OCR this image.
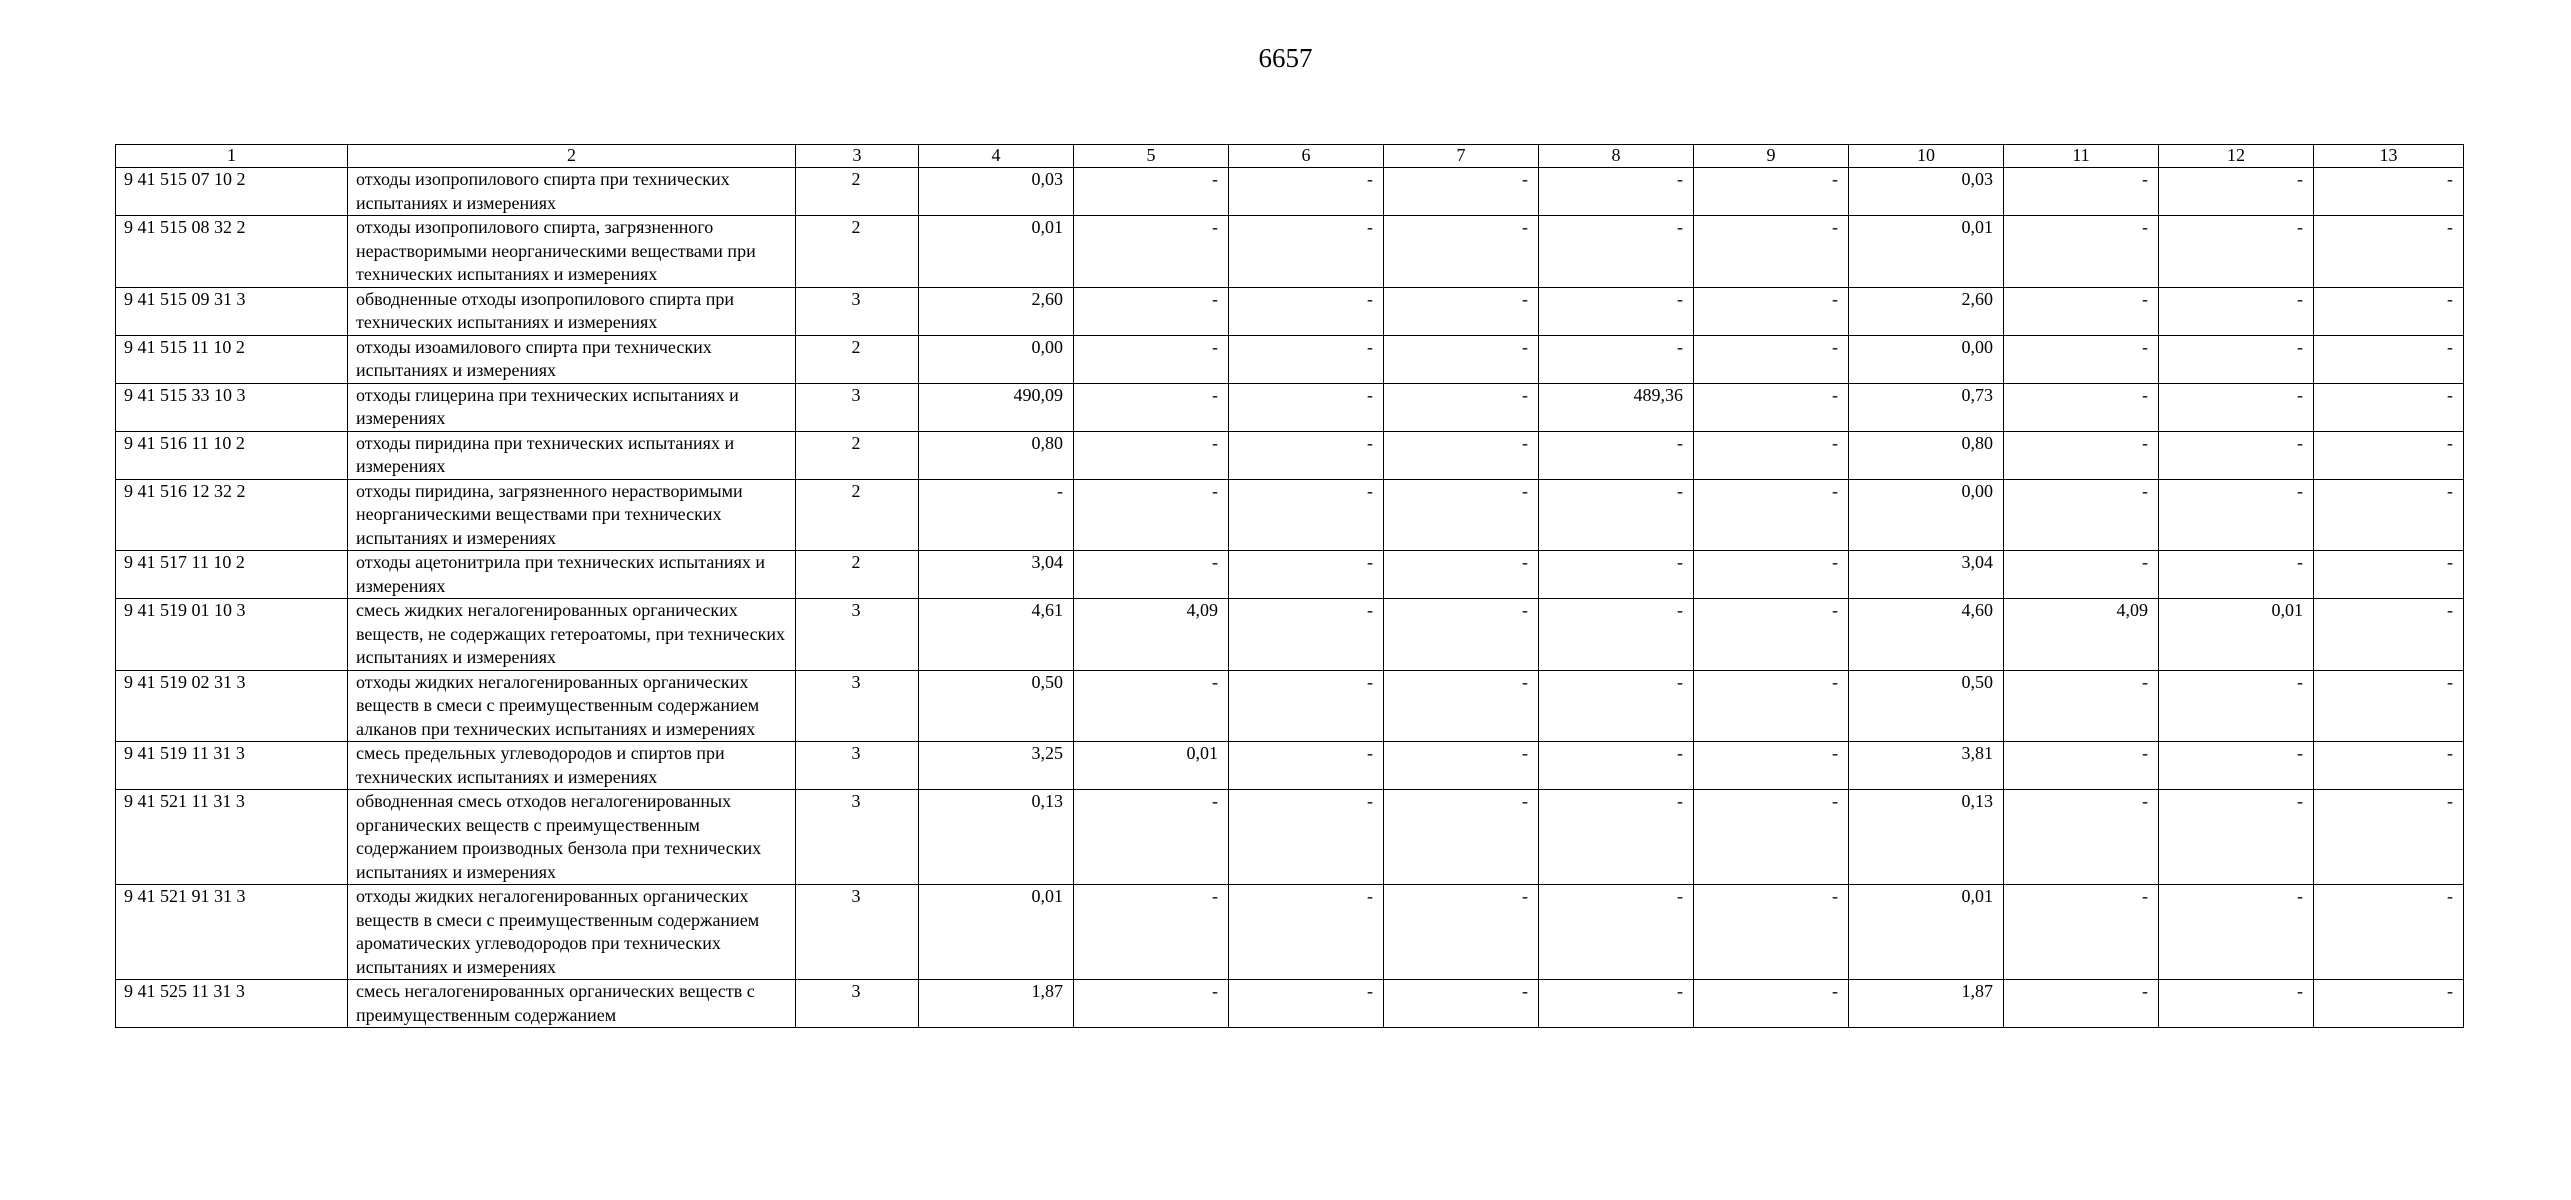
6657
1	2	3	4	5	6	7	8	9	10	11	12	13
9 41 515 07 10 2	отходы изопропилового спирта при технических испытаниях и измерениях	2	0,03	-	-	-	-	-	0,03	-	-	-
9 41 515 08 32 2	отходы изопропилового спирта, загрязненного нерастворимыми неорганическими веществами при технических испытаниях и измерениях	2	0,01	-	-	-	-	-	0,01	-	-	-
9 41 515 09 31 3	обводненные отходы изопропилового спирта при технических испытаниях и измерениях	3	2,60	-	-	-	-	-	2,60	-	-	-
9 41 515 11 10 2	отходы изоамилового спирта при технических испытаниях и измерениях	2	0,00	-	-	-	-	-	0,00	-	-	-
9 41 515 33 10 3	отходы глицерина при технических испытаниях и измерениях	3	490,09	-	-	-	489,36	-	0,73	-	-	-
9 41 516 11 10 2	отходы пиридина при технических испытаниях и измерениях	2	0,80	-	-	-	-	-	0,80	-	-	-
9 41 516 12 32 2	отходы пиридина, загрязненного нерастворимыми неорганическими веществами при технических испытаниях и измерениях	2	-	-	-	-	-	-	0,00	-	-	-
9 41 517 11 10 2	отходы ацетонитрила при технических испытаниях и измерениях	2	3,04	-	-	-	-	-	3,04	-	-	-
9 41 519 01 10 3	смесь жидких негалогенированных органических веществ, не содержащих гетероатомы, при технических испытаниях и измерениях	3	4,61	4,09	-	-	-	-	4,60	4,09	0,01	-
9 41 519 02 31 3	отходы жидких негалогенированных органических веществ в смеси с преимущественным содержанием алканов при технических испытаниях и измерениях	3	0,50	-	-	-	-	-	0,50	-	-	-
9 41 519 11 31 3	смесь предельных углеводородов и спиртов при технических испытаниях и измерениях	3	3,25	0,01	-	-	-	-	3,81	-	-	-
9 41 521 11 31 3	обводненная смесь отходов негалогенированных органических веществ с преимущественным содержанием производных бензола при технических испытаниях и измерениях	3	0,13	-	-	-	-	-	0,13	-	-	-
9 41 521 91 31 3	отходы жидких негалогенированных органических веществ в смеси с преимущественным содержанием ароматических углеводородов при технических испытаниях и измерениях	3	0,01	-	-	-	-	-	0,01	-	-	-
9 41 525 11 31 3	смесь негалогенированных органических веществ с преимущественным содержанием	3	1,87	-	-	-	-	-	1,87	-	-	-
